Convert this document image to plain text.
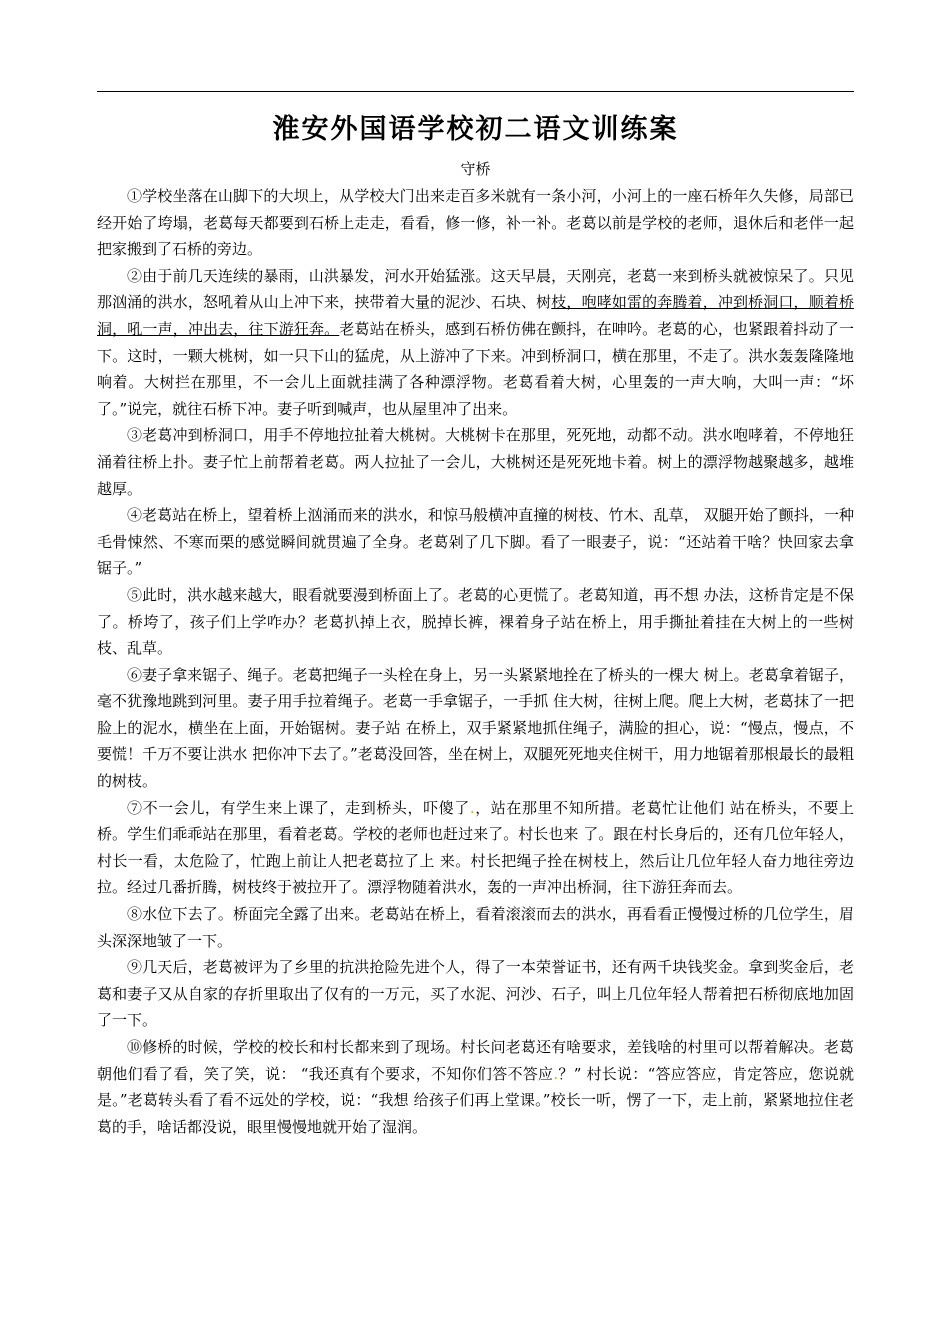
淮安外国语学校初二语文训练案
守桥

①学校坐落在山脚下的大坝上，从学校大门出来走百多米就有一条小河，小河上的一座石桥年久失修，局部已经开始了垮塌，老葛每天都要到石桥上走走，看看，修一修，补一补。老葛以前是学校的老师，退休后和老伴一起把家搬到了石桥的旁边。

②由于前几天连续的暴雨，山洪暴发，河水开始猛涨。这天早晨，天刚亮，老葛一来到桥头就被惊呆了。只见那汹涌的洪水，怒吼着从山上冲下来，挟带着大量的泥沙、石块、树枝，咆哮如雷的奔腾着，冲到桥洞口，顺着桥洞，吼一声，冲出去，往下游狂奔。老葛站在桥头，感到石桥仿佛在颤抖，在呻吟。老葛的心，也紧跟着抖动了一下。这时，一颗大桃树，如一只下山的猛虎，从上游冲了下来。冲到桥洞口，横在那里，不走了。洪水轰轰隆隆地响着。大树拦在那里，不一会儿上面就挂满了各种漂浮物。老葛看着大树，心里轰的一声大响，大叫一声：“坏了。”说完，就往石桥下冲。妻子听到喊声，也从屋里冲了出来。

③老葛冲到桥洞口，用手不停地拉扯着大桃树。大桃树卡在那里，死死地，动都不动。洪水咆哮着，不停地狂涌着往桥上扑。妻子忙上前帮着老葛。两人拉扯了一会儿，大桃树还是死死地卡着。树上的漂浮物越聚越多，越堆越厚。

④老葛站在桥上，望着桥上汹涌而来的洪水，和惊马般横冲直撞的树枝、竹木、乱草， 双腿开始了颤抖，一种毛骨悚然、不寒而栗的感觉瞬间就贯遍了全身。老葛剁了几下脚。看了一眼妻子，说：“还站着干啥？快回家去拿锯子。”

⑤此时，洪水越来越大，眼看就要漫到桥面上了。老葛的心更慌了。老葛知道，再不想 办法，这桥肯定是不保了。桥垮了，孩子们上学咋办？老葛扒掉上衣，脱掉长裤，裸着身子站在桥上，用手撕扯着挂在大树上的一些树枝、乱草。

⑥妻子拿来锯子、绳子。老葛把绳子一头栓在身上，另一头紧紧地拴在了桥头的一棵大 树上。老葛拿着锯子，毫不犹豫地跳到河里。妻子用手拉着绳子。老葛一手拿锯子，一手抓 住大树，往树上爬。爬上大树，老葛抹了一把脸上的泥水，横坐在上面，开始锯树。妻子站 在桥上，双手紧紧地抓住绳子，满脸的担心，说：“慢点，慢点，不要慌！千万不要让洪水 把你冲下去了。”老葛没回答，坐在树上，双腿死死地夹住树干，用力地锯着那根最长的最粗的树枝。

⑦不一会儿，有学生来上课了，走到桥头，吓傻了.，站在那里不知所措。老葛忙让他们 站在桥头，不要上桥。学生们乖乖站在那里，看着老葛。学校的老师也赶过来了。村长也来 了。跟在村长身后的，还有几位年轻人，村长一看，太危险了，忙跑上前让人把老葛拉了上 来。村长把绳子拴在树枝上，然后让几位年轻人奋力地往旁边拉。经过几番折腾，树枝终于被拉开了。漂浮物随着洪水，轰的一声冲出桥洞，往下游狂奔而去。

⑧水位下去了。桥面完全露了出来。老葛站在桥上，看着滚滚而去的洪水，再看看正慢慢过桥的几位学生，眉头深深地皱了一下。

⑨几天后，老葛被评为了乡里的抗洪抢险先进个人，得了一本荣誉证书，还有两千块钱奖金。拿到奖金后，老葛和妻子又从自家的存折里取出了仅有的一万元，买了水泥、河沙、石子，叫上几位年轻人帮着把石桥彻底地加固了一下。

⑩修桥的时候，学校的校长和村长都来到了现场。村长问老葛还有啥要求，差钱啥的村里可以帮着解决。老葛朝他们看了看，笑了笑，说： “我还真有个要求，不知你们答不答应.？” 村长说：“答应答应，肯定答应，您说就是。”老葛转头看了看不远处的学校，说：“我想 给孩子们再上堂课。”校长一听，愣了一下，走上前，紧紧地拉住老葛的手，啥话都没说，眼里慢慢地就开始了湿润。
